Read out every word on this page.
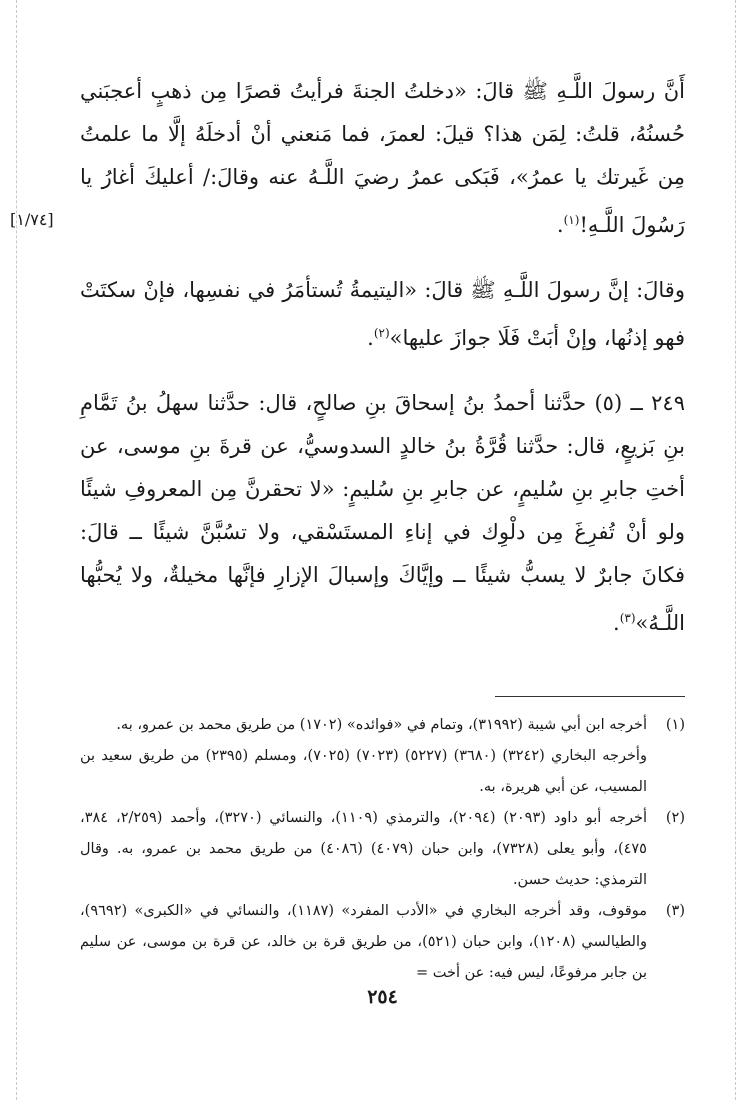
[١/٧٤]

أَنَّ رسولَ اللَّـهِ ﷺ قالَ: «دخلتُ الجنةَ فرأيتُ قصرًا مِن ذهبٍ أعجبَني حُسنُهُ، قلتُ: لِمَن هذا؟ قيلَ: لعمرَ، فما مَنعني أنْ أدخلَهُ إلَّا ما علمتُ مِن غَيرتك يا عمرُ»، فَبَكى عمرُ رضيَ اللَّـهُ عنه وقالَ:/ أعليكَ أغارُ يا رَسُولَ اللَّـهِ!$^{(١)}$.

وقالَ: إنَّ رسولَ اللَّـهِ ﷺ قالَ: «اليتيمةُ تُستأمَرُ في نفسِها، فإنْ سكتَتْ فهو إذنُها، وإنْ أبَتْ فَلَا جوازَ عليها»$^{(٢)}$.

٢٤٩ ــ (٥) حدَّثنا أحمدُ بنُ إسحاقَ بنِ صالحٍ، قال: حدَّثنا سهلُ بنُ تَمَّامِ بنِ بَزيعٍ، قال: حدَّثنا قُرَّةُ بنُ خالدٍ السدوسيُّ، عن قرةَ بنِ موسى، عن أختِ جابرِ بنِ سُليمٍ، عن جابرِ بنِ سُليمٍ: «لا تحقرنَّ مِن المعروفِ شيئًا ولو أنْ تُفرِغَ مِن دلْوِك في إناءِ المستَسْقي، ولا تسُبَّنَّ شيئًا ــ قالَ: فكانَ جابرٌ لا يسبُّ شيئًا ــ وإيَّاكَ وإسبالَ الإزارِ فإنَّها مخيلةٌ، ولا يُحبُّها اللَّـهُ»$^{(٣)}$.

(١)
أخرجه ابن أبي شيبة (٣١٩٩٢)، وتمام في «فوائده» (١٧٠٢) من طريق محمد بن عمرو، به.
وأخرجه البخاري (٣٢٤٢) (٣٦٨٠) (٥٢٢٧) (٧٠٢٣) (٧٠٢٥)، ومسلم (٢٣٩٥) من طريق سعيد بن المسيب، عن أبي هريرة، به.
(٢)
أخرجه أبو داود (٢٠٩٣) (٢٠٩٤)، والترمذي (١١٠٩)، والنسائي (٣٢٧٠)، وأحمد (٢/٢٥٩، ٣٨٤، ٤٧٥)، وأبو يعلى (٧٣٢٨)، وابن حبان (٤٠٧٩) (٤٠٨٦) من طريق محمد بن عمرو، به. وقال الترمذي: حديث حسن.
(٣)
موقوف، وقد أخرجه البخاري في «الأدب المفرد» (١١٨٧)، والنسائي في «الكبرى» (٩٦٩٢)، والطيالسي (١٢٠٨)، وابن حبان (٥٢١)، من طريق قرة بن خالد، عن قرة بن موسى، عن سليم بن جابر مرفوعًا، ليس فيه: عن أخت =
٢٥٤
